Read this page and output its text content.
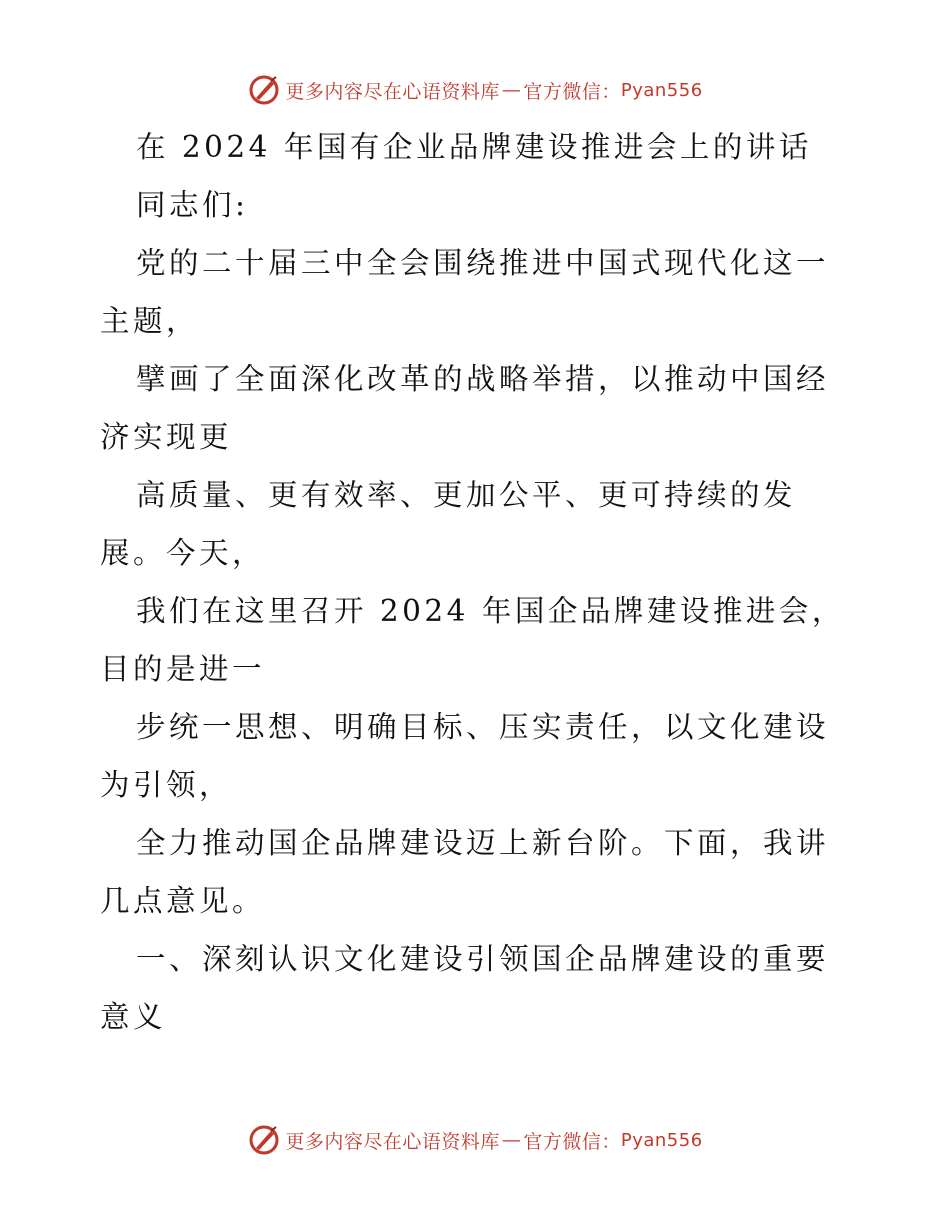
更多内容尽在心语资料库 — 官方微信： Pyan556
在 2024 年国有企业品牌建设推进会上的讲话
同志们:
党的二十届三中全会围绕推进中国式现代化这一
主题，
擘画了全面深化改革的战略举措，以推动中国经
济实现更
高质量、更有效率、更加公平、更可持续的发
展。今天，
我们在这里召开 2024 年国企品牌建设推进会，
目的是进一
步统一思想、明确目标、压实责任，以文化建设
为引领，
全力推动国企品牌建设迈上新台阶。下面，我讲
几点意见。
一、深刻认识文化建设引领国企品牌建设的重要
意义
更多内容尽在心语资料库 — 官方微信： Pyan556
